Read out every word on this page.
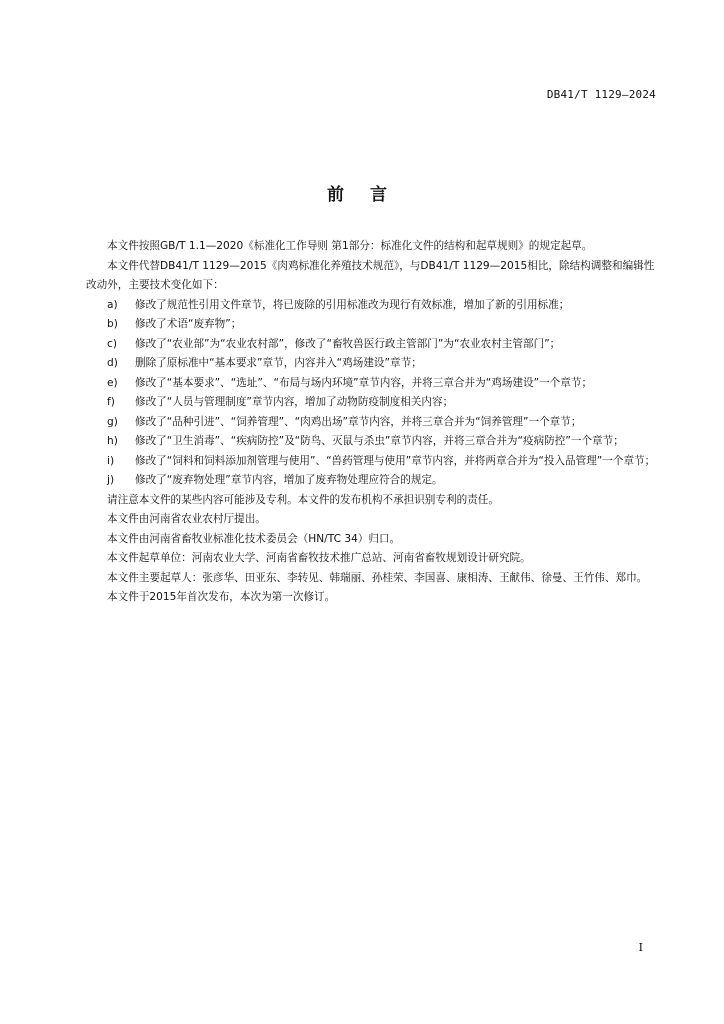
DB41/T 1129—2024
前 言

本文件按照GB/T 1.1—2020《标准化工作导则 第1部分：标准化文件的结构和起草规则》的规定起草。

本文件代替DB41/T 1129—2015《肉鸡标准化养殖技术规范》，与DB41/T 1129—2015相比，除结构调整和编辑性改动外，主要技术变化如下：

a)	修改了规范性引用文件章节，将已废除的引用标准改为现行有效标准，增加了新的引用标准；
b)	修改了术语“废弃物”；
c)	修改了“农业部”为“农业农村部”，修改了“畜牧兽医行政主管部门”为“农业农村主管部门”；
d)	删除了原标准中“基本要求”章节，内容并入“鸡场建设”章节；
e)	修改了“基本要求”、“选址”、“布局与场内环境”章节内容，并将三章合并为“鸡场建设”一个章节；
f)	修改了“人员与管理制度”章节内容，增加了动物防疫制度相关内容；
g)	修改了“品种引进”、“饲养管理”、“肉鸡出场”章节内容，并将三章合并为“饲养管理”一个章节；
h)	修改了“卫生消毒”、“疾病防控”及“防鸟、灭鼠与杀虫”章节内容，并将三章合并为“疫病防控”一个章节；
i)	修改了“饲料和饲料添加剂管理与使用”、“兽药管理与使用”章节内容，并将两章合并为“投入品管理”一个章节；
j)	修改了“废弃物处理”章节内容，增加了废弃物处理应符合的规定。

请注意本文件的某些内容可能涉及专利。本文件的发布机构不承担识别专利的责任。

本文件由河南省农业农村厅提出。

本文件由河南省畜牧业标准化技术委员会（HN/TC 34）归口。

本文件起草单位：河南农业大学、河南省畜牧技术推广总站、河南省畜牧规划设计研究院。

本文件主要起草人：张彦华、田亚东、李转见、韩瑞丽、孙桂荣、李国喜、康相涛、王献伟、徐曼、王竹伟、郑巾。

本文件于2015年首次发布，本次为第一次修订。

I
